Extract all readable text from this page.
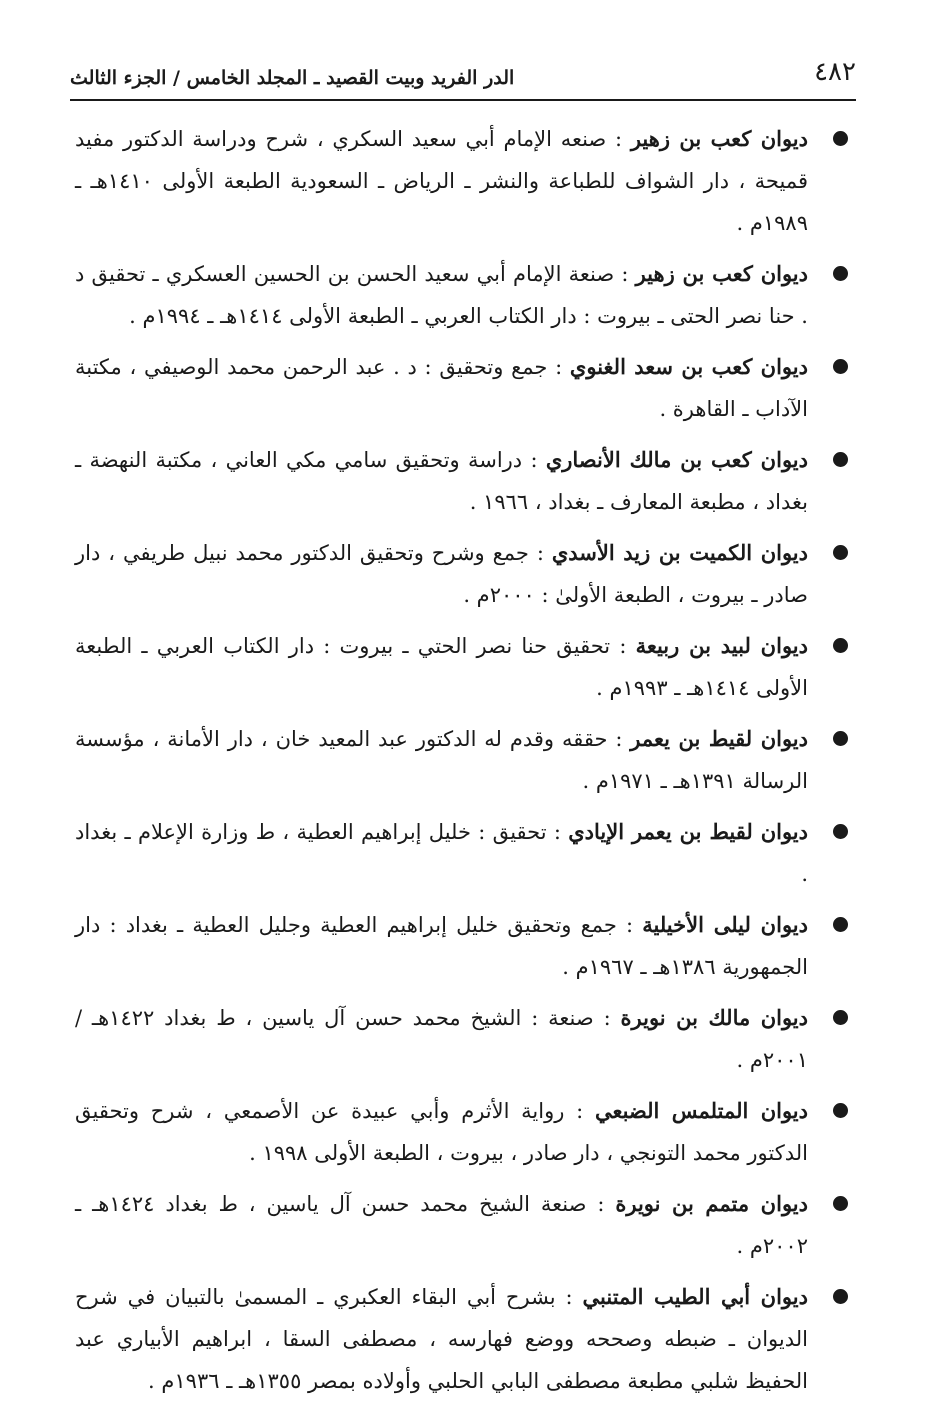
٤٨٢
الدر الفريد وبيت القصيد ـ المجلد الخامس / الجزء الثالث
ديوان كعب بن زهير : صنعه الإمام أبي سعيد السكري ، شرح ودراسة الدكتور مفيد قميحة ، دار الشواف للطباعة والنشر ـ الرياض ـ السعودية الطبعة الأولى ١٤١٠هـ ـ ١٩٨٩م .
ديوان كعب بن زهير : صنعة الإمام أبي سعيد الحسن بن الحسين العسكري ـ تحقيق د . حنا نصر الحتى ـ بيروت : دار الكتاب العربي ـ الطبعة الأولى ١٤١٤هـ ـ ١٩٩٤م .
ديوان كعب بن سعد الغنوي : جمع وتحقيق : د . عبد الرحمن محمد الوصيفي ، مكتبة الآداب ـ القاهرة .
ديوان كعب بن مالك الأنصاري : دراسة وتحقيق سامي مكي العاني ، مكتبة النهضة ـ بغداد ، مطبعة المعارف ـ بغداد ، ١٩٦٦ .
ديوان الكميت بن زيد الأسدي : جمع وشرح وتحقيق الدكتور محمد نبيل طريفي ، دار صادر ـ بيروت ، الطبعة الأولىٰ : ٢٠٠٠م .
ديوان لبيد بن ربيعة : تحقيق حنا نصر الحتي ـ بيروت : دار الكتاب العربي ـ الطبعة الأولى ١٤١٤هـ ـ ١٩٩٣م .
ديوان لقيط بن يعمر : حققه وقدم له الدكتور عبد المعيد خان ، دار الأمانة ، مؤسسة الرسالة ١٣٩١هـ ـ ١٩٧١م .
ديوان لقيط بن يعمر الإيادي : تحقيق : خليل إبراهيم العطية ، ط وزارة الإعلام ـ بغداد .
ديوان ليلى الأخيلية : جمع وتحقيق خليل إبراهيم العطية وجليل العطية ـ بغداد : دار الجمهورية ١٣٨٦هـ ـ ١٩٦٧م .
ديوان مالك بن نويرة : صنعة : الشيخ محمد حسن آل ياسين ، ط بغداد ١٤٢٢هـ / ٢٠٠١م .
ديوان المتلمس الضبعي : رواية الأثرم وأبي عبيدة عن الأصمعي ، شرح وتحقيق الدكتور محمد التونجي ، دار صادر ، بيروت ، الطبعة الأولى ١٩٩٨ .
ديوان متمم بن نويرة : صنعة الشيخ محمد حسن آل ياسين ، ط بغداد ١٤٢٤هـ ـ ٢٠٠٢م .
ديوان أبي الطيب المتنبي : بشرح أبي البقاء العكبري ـ المسمىٰ بالتبيان في شرح الديوان ـ ضبطه وصححه ووضع فهارسه ، مصطفى السقا ، ابراهيم الأبياري عبد الحفيظ شلبي مطبعة مصطفى البابي الحلبي وأولاده بمصر ١٣٥٥هـ ـ ١٩٣٦م .
